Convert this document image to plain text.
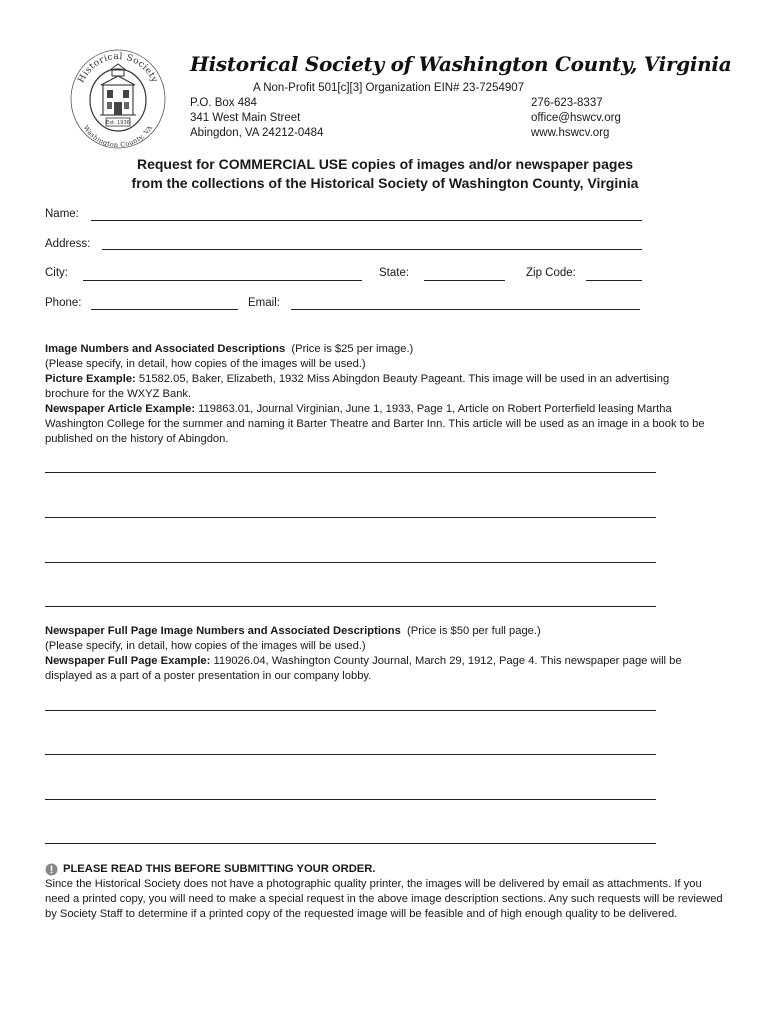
Historical Society
Washington County, VA
Est. 1936
Historical Society of Washington County, Virginia
A Non-Profit 501[c][3] Organization EIN# 23-7254907
P.O. Box 484
341 West Main Street
Abingdon, VA 24212-0484
276-623-8337
office@hswcv.org
www.hswcv.org
Request for COMMERCIAL USE copies of images and/or newspaper pages
from the collections of the Historical Society of Washington County, Virginia
Name:
Address:
City:	State:	Zip Code:
Phone:	Email:
Image Numbers and Associated Descriptions (Price is $25 per image.)
(Please specify, in detail, how copies of the images will be used.)
Picture Example: 51582.05, Baker, Elizabeth, 1932 Miss Abingdon Beauty Pageant. This image will be used in an advertising brochure for the WXYZ Bank.
Newspaper Article Example: 119863.01, Journal Virginian, June 1, 1933, Page 1, Article on Robert Porterfield leasing Martha Washington College for the summer and naming it Barter Theatre and Barter Inn. This article will be used as an image in a book to be published on the history of Abingdon.
Newspaper Full Page Image Numbers and Associated Descriptions (Price is $50 per full page.)
(Please specify, in detail, how copies of the images will be used.)
Newspaper Full Page Example: 119026.04, Washington County Journal, March 29, 1912, Page 4. This newspaper page will be displayed as a part of a poster presentation in our company lobby.
PLEASE READ THIS BEFORE SUBMITTING YOUR ORDER.
Since the Historical Society does not have a photographic quality printer, the images will be delivered by email as attachments. If you need a printed copy, you will need to make a special request in the above image description sections. Any such requests will be reviewed by Society Staff to determine if a printed copy of the requested image will be feasible and of high enough quality to be delivered.
